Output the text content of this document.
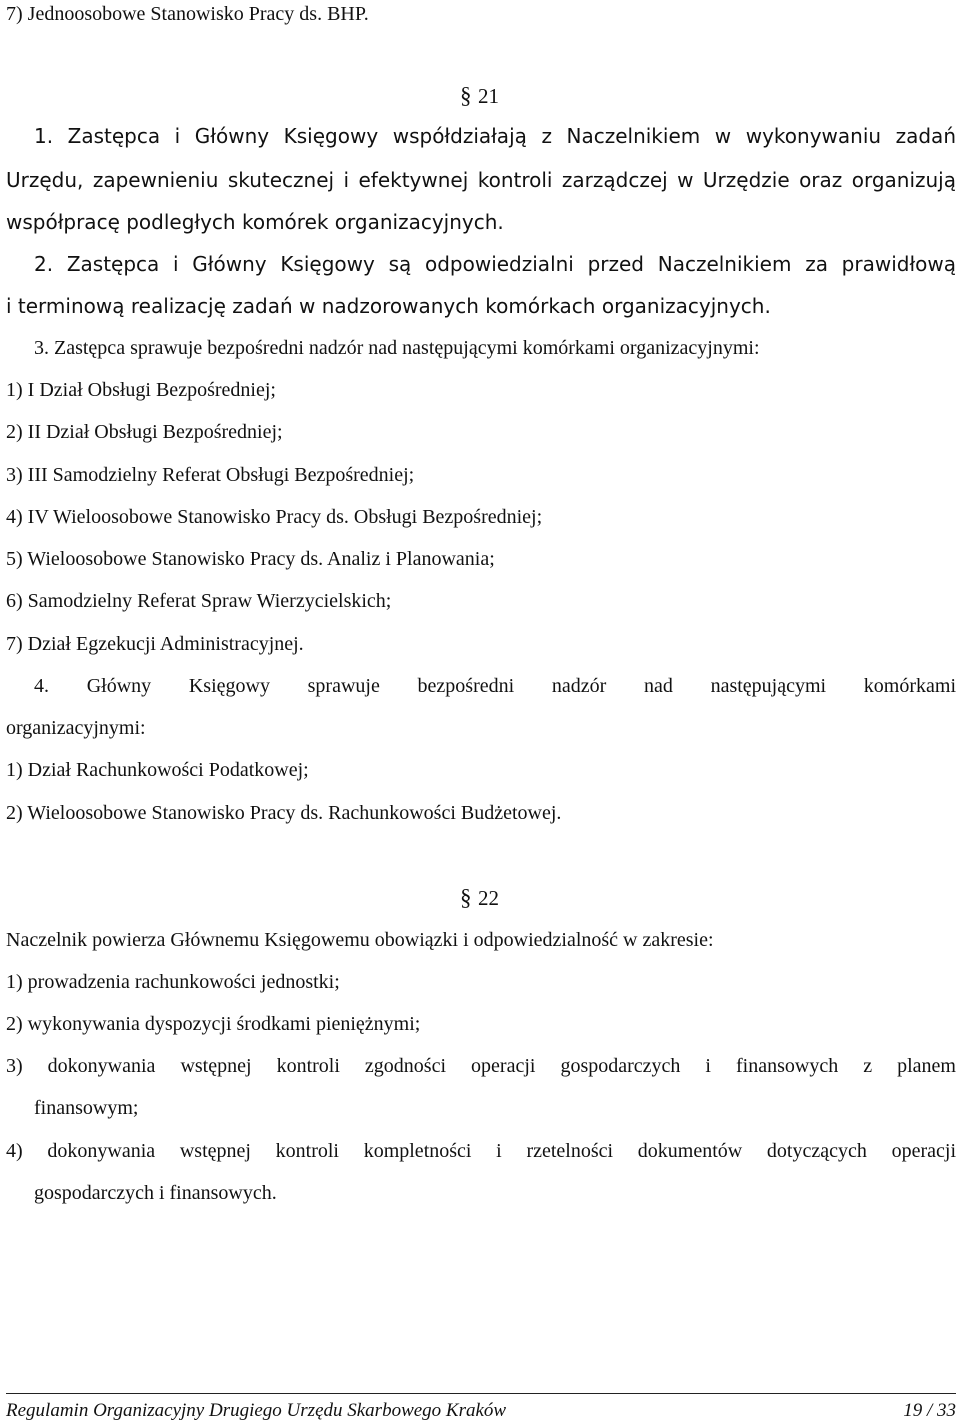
7) Jednoosobowe Stanowisko Pracy ds. BHP.
§ 21
1. Zastępca i Główny Księgowy współdziałają z Naczelnikiem w wykonywaniu zadań
Urzędu, zapewnieniu skutecznej i efektywnej kontroli zarządczej w Urzędzie oraz organizują
współpracę podległych komórek organizacyjnych.
2. Zastępca i Główny Księgowy są odpowiedzialni przed Naczelnikiem za prawidłową
i terminową realizację zadań w nadzorowanych komórkach organizacyjnych.
3. Zastępca sprawuje bezpośredni nadzór nad następującymi komórkami organizacyjnymi:
1) I Dział Obsługi Bezpośredniej;
2) II Dział Obsługi Bezpośredniej;
3) III Samodzielny Referat Obsługi Bezpośredniej;
4) IV Wieloosobowe Stanowisko Pracy ds. Obsługi Bezpośredniej;
5) Wieloosobowe Stanowisko Pracy ds. Analiz i Planowania;
6) Samodzielny Referat Spraw Wierzycielskich;
7) Dział Egzekucji Administracyjnej.
4. Główny Księgowy sprawuje bezpośredni nadzór nad następującymi komórkami
organizacyjnymi:
1) Dział Rachunkowości Podatkowej;
2) Wieloosobowe Stanowisko Pracy ds. Rachunkowości Budżetowej.
§ 22
Naczelnik powierza Głównemu Księgowemu obowiązki i odpowiedzialność w zakresie:
1) prowadzenia rachunkowości jednostki;
2) wykonywania dyspozycji środkami pieniężnymi;
3) dokonywania wstępnej kontroli zgodności operacji gospodarczych i finansowych z planem
finansowym;
4) dokonywania wstępnej kontroli kompletności i rzetelności dokumentów dotyczących operacji
gospodarczych i finansowych.
Regulamin Organizacyjny Drugiego Urzędu Skarbowego Kraków	19 / 33
